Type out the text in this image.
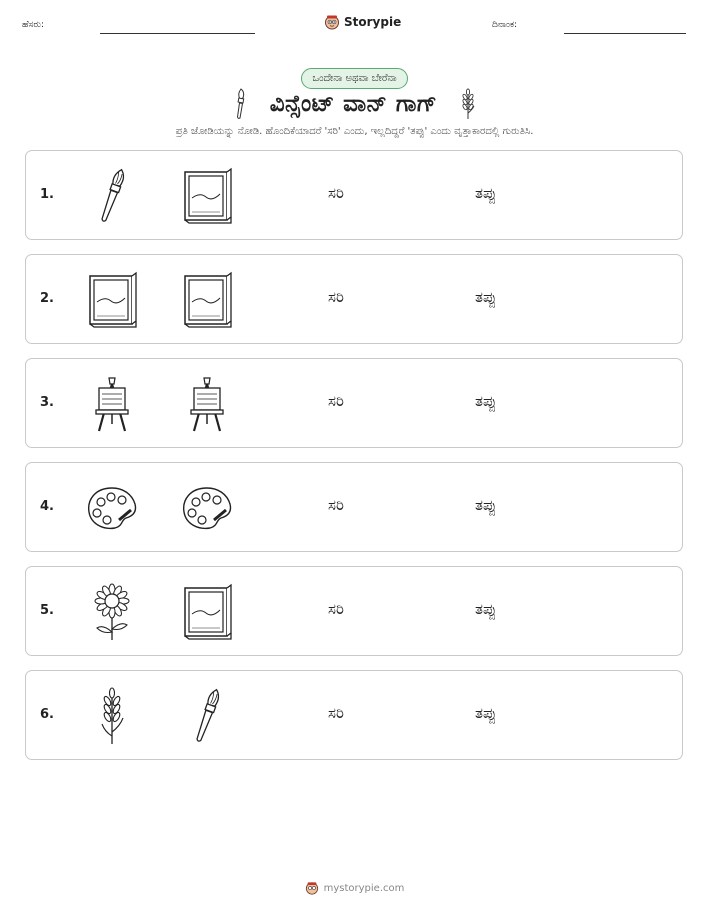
ಹೆಸರು:	Storypie	ದಿನಾಂಕ:
ಒಂದೇನಾ ಅಥವಾ ಬೇರೆನಾ
ವಿನ್ಸೆಂಟ್ ವಾನ್ ಗಾಗ್
ಪ್ರತಿ ಜೋಡಿಯನ್ನು ನೋಡಿ. ಹೊಂದಿಕೆಯಾದರೆ 'ಸರಿ' ಎಂದು, ಇಲ್ಲದಿದ್ದರೆ 'ತಪ್ಪು' ಎಂದು ವೃತ್ತಾಕಾರದಲ್ಲಿ ಗುರುತಿಸಿ.
1.	ಸರಿ	ತಪ್ಪು
2.	ಸರಿ	ತಪ್ಪು
3.	ಸರಿ	ತಪ್ಪು
4.	ಸರಿ	ತಪ್ಪು
5.	ಸರಿ	ತಪ್ಪು
6.	ಸರಿ	ತಪ್ಪು
mystorypie.com
